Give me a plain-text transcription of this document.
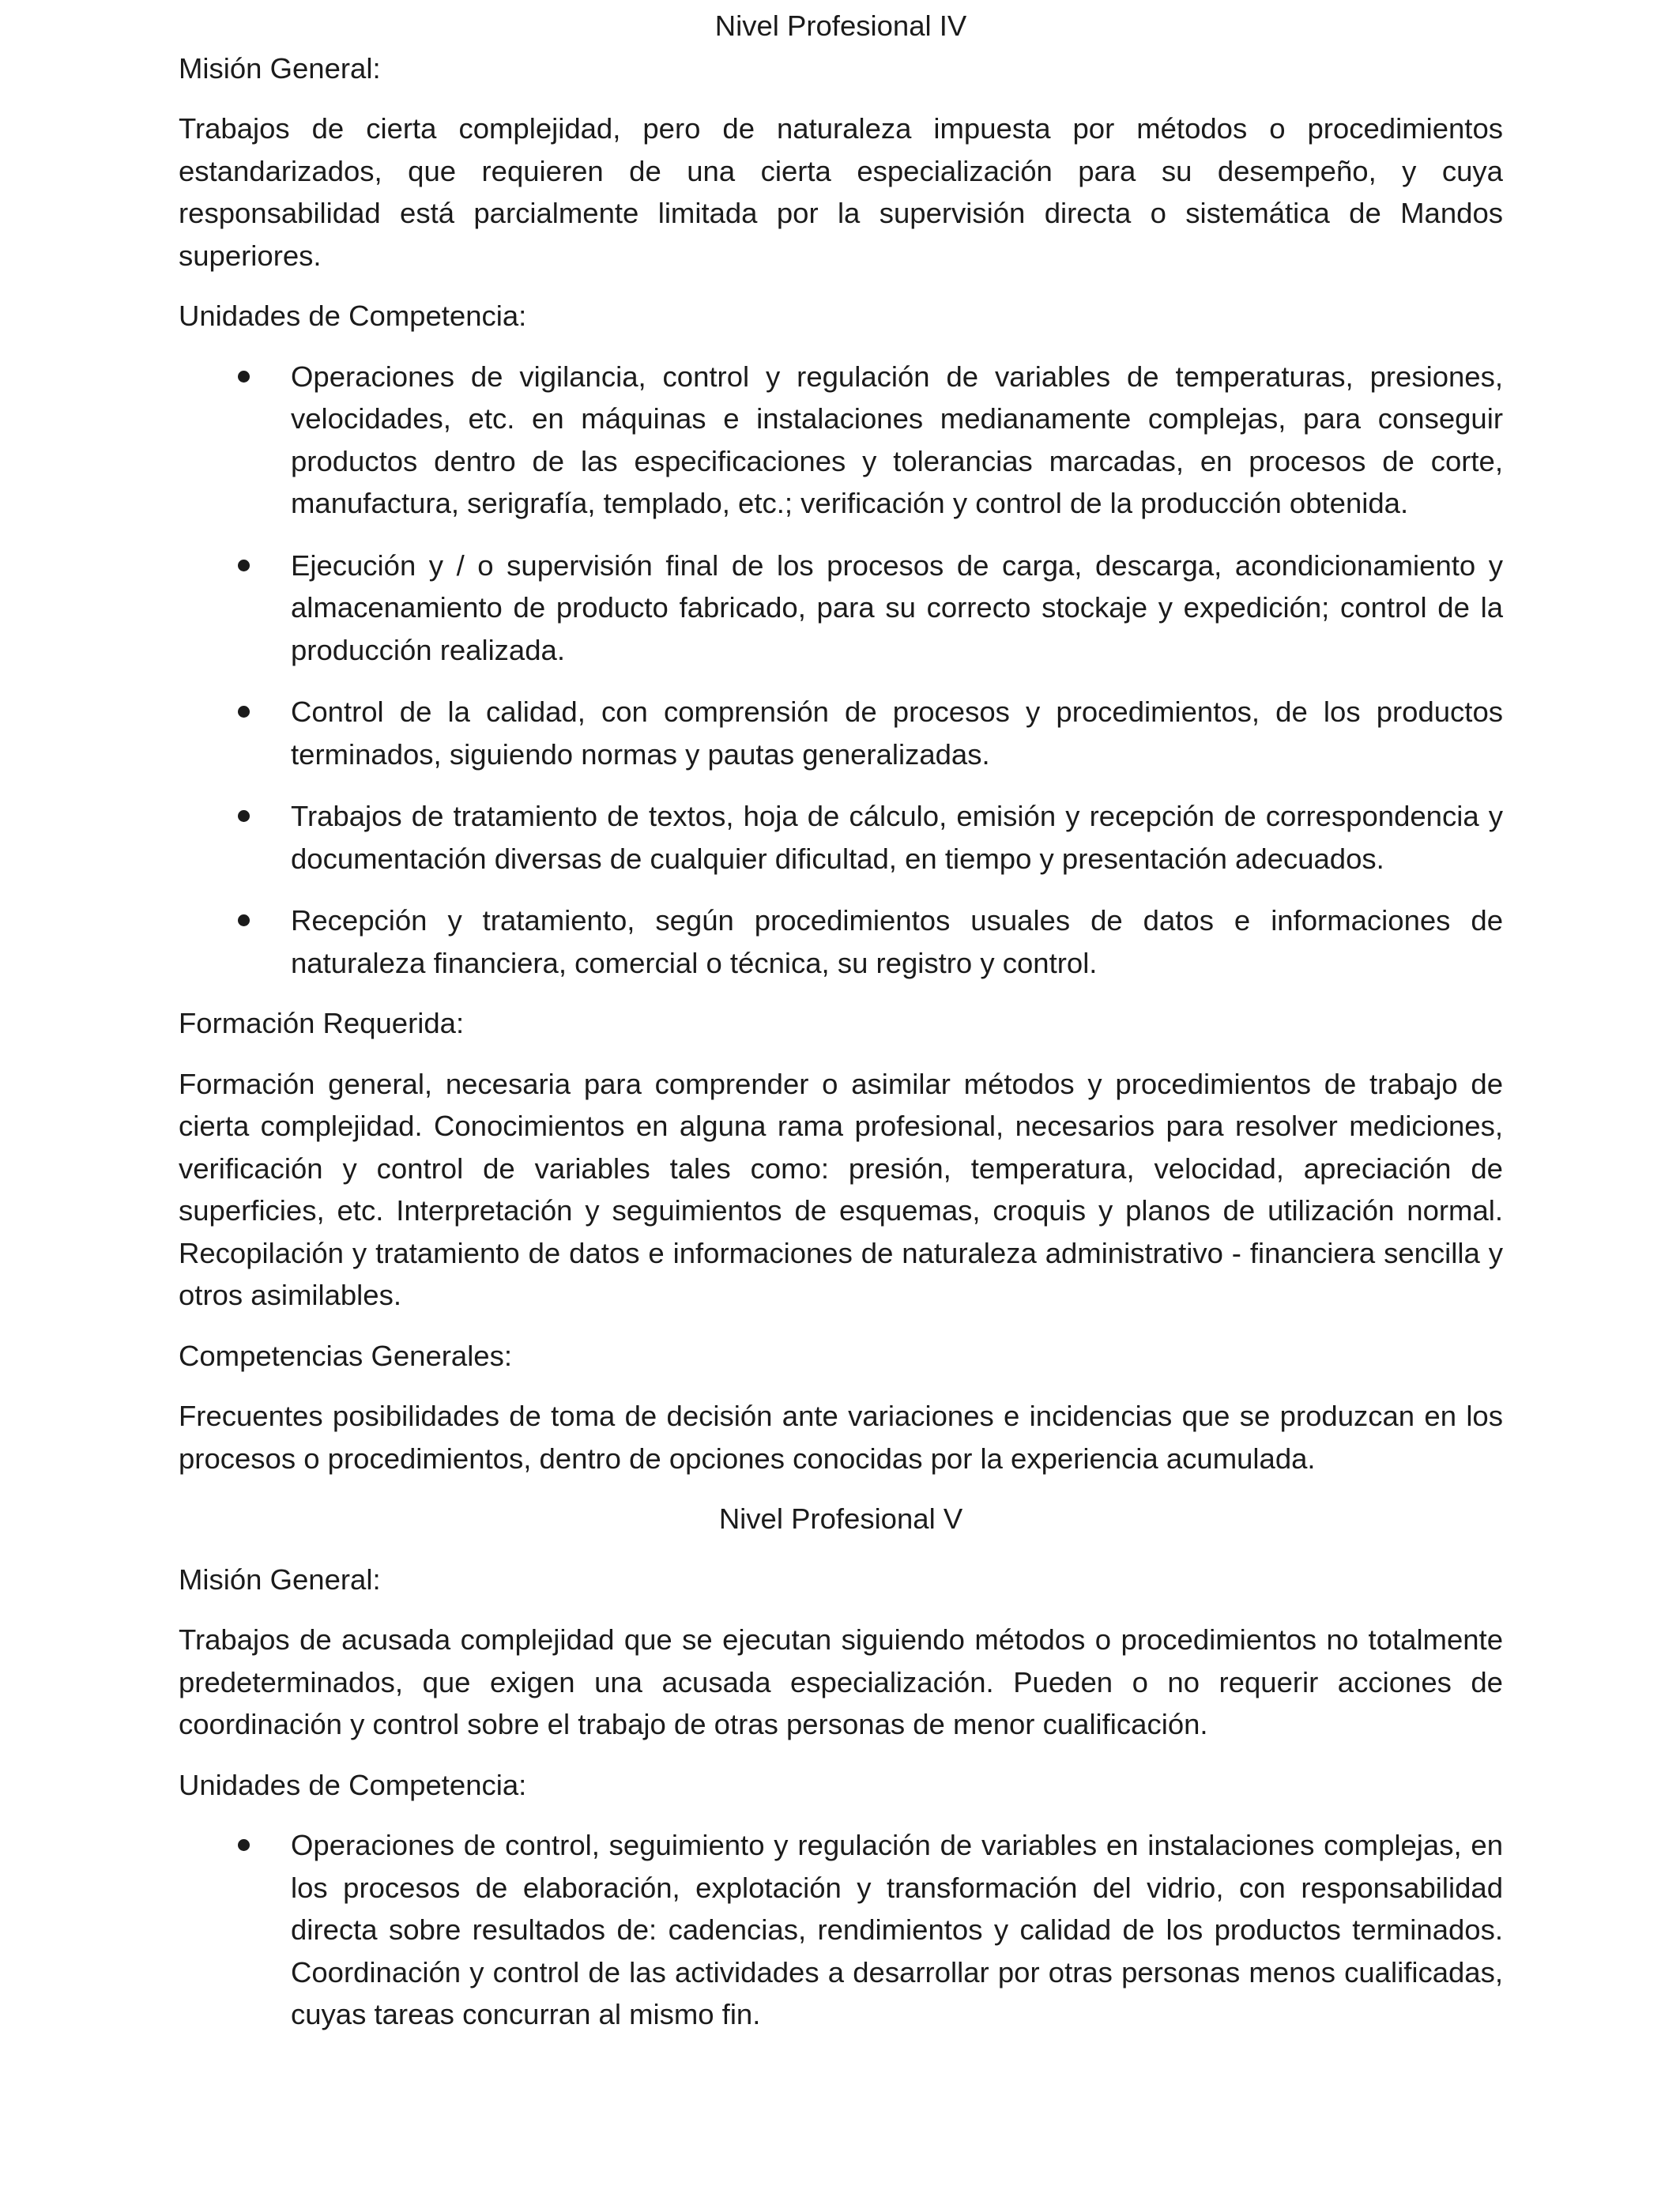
Nivel Profesional IV

Misión General:

Trabajos de cierta complejidad, pero de naturaleza impuesta por métodos o procedimientos estandarizados, que requieren de una cierta especialización para su desempeño, y cuya responsabilidad está parcialmente limitada por la supervisión directa o sistemática de Mandos superiores.

Unidades de Competencia:

Operaciones de vigilancia, control y regulación de variables de temperaturas, presiones, velocidades, etc. en máquinas e instalaciones medianamente complejas, para conseguir productos dentro de las especificaciones y tolerancias marcadas, en procesos de corte, manufactura, serigrafía, templado, etc.; verificación y control de la producción obtenida.
Ejecución y / o supervisión final de los procesos de carga, descarga, acondicionamiento y almacenamiento de producto fabricado, para su correcto stockaje y expedición; control de la producción realizada.
Control de la calidad, con comprensión de procesos y procedimientos, de los productos terminados, siguiendo normas y pautas generalizadas.
Trabajos de tratamiento de textos, hoja de cálculo, emisión y recepción de correspondencia y documentación diversas de cualquier dificultad, en tiempo y presentación adecuados.
Recepción y tratamiento, según procedimientos usuales de datos e informaciones de naturaleza financiera, comercial o técnica, su registro y control.

Formación Requerida:

Formación general, necesaria para comprender o asimilar métodos y procedimientos de trabajo de cierta complejidad. Conocimientos en alguna rama profesional, necesarios para resolver mediciones, verificación y control de variables tales como: presión, temperatura, velocidad, apreciación de superficies, etc. Interpretación y seguimientos de esquemas, croquis y planos de utilización normal. Recopilación y tratamiento de datos e informaciones de naturaleza administrativo - financiera sencilla y otros asimilables.

Competencias Generales:

Frecuentes posibilidades de toma de decisión ante variaciones e incidencias que se produzcan en los procesos o procedimientos, dentro de opciones conocidas por la experiencia acumulada.

Nivel Profesional V

Misión General:

Trabajos de acusada complejidad que se ejecutan siguiendo métodos o procedimientos no totalmente predeterminados, que exigen una acusada especialización. Pueden o no requerir acciones de coordinación y control sobre el trabajo de otras personas de menor cualificación.

Unidades de Competencia:

Operaciones de control, seguimiento y regulación de variables en instalaciones complejas, en los procesos de elaboración, explotación y transformación del vidrio, con responsabilidad directa sobre resultados de: cadencias, rendimientos y calidad de los productos terminados. Coordinación y control de las actividades a desarrollar por otras personas menos cualificadas, cuyas tareas concurran al mismo fin.
